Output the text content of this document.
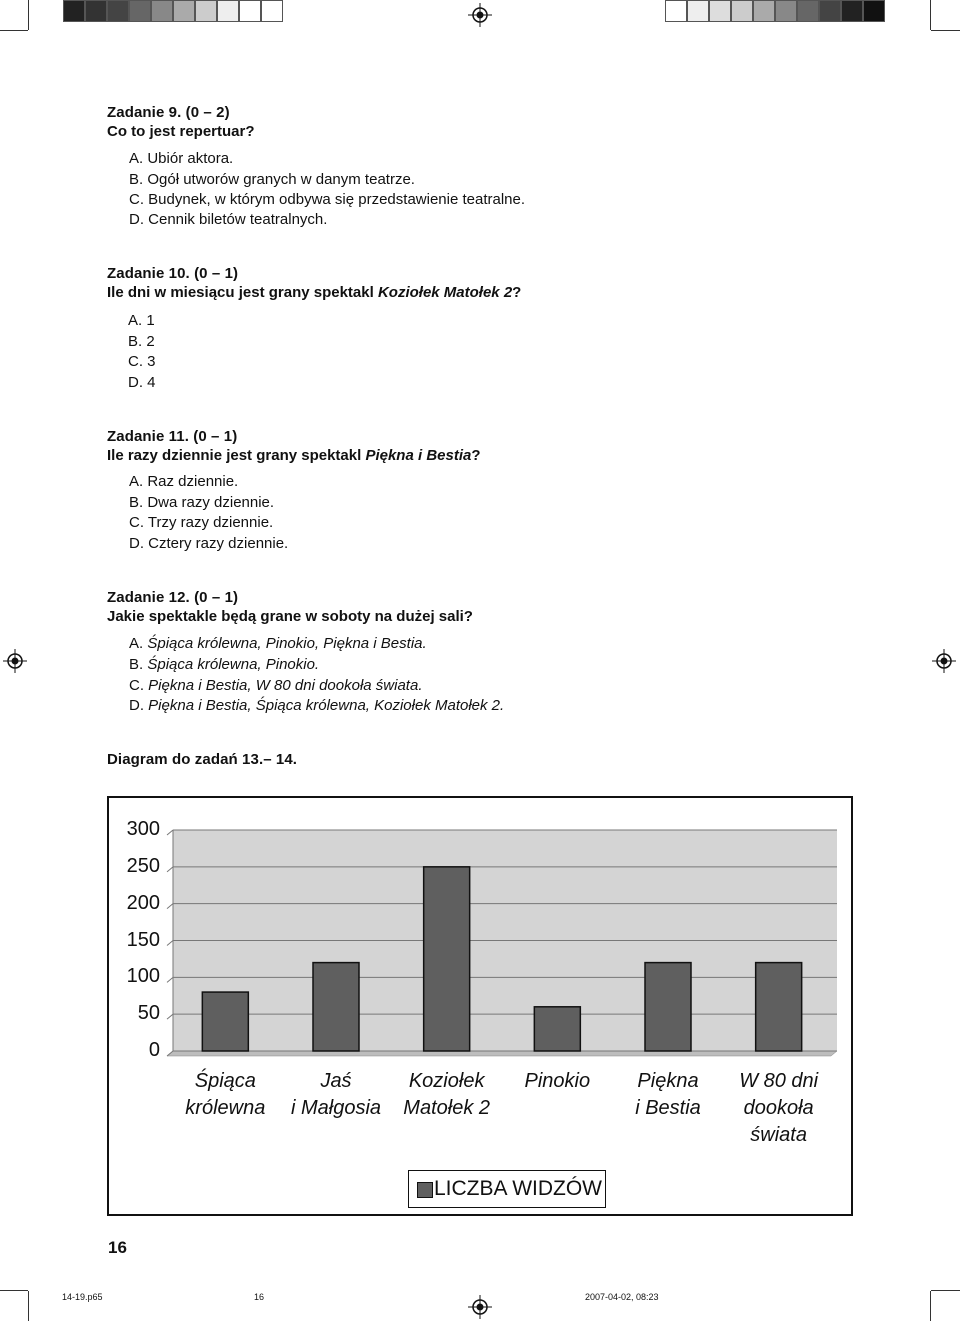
Zadanie 9. (0 – 2)
Co to jest repertuar?
A. Ubiór aktora.
B. Ogół utworów granych w danym teatrze.
C. Budynek, w którym odbywa się przedstawienie teatralne.
D. Cennik biletów teatralnych.
Zadanie 10. (0 – 1)
Ile dni w miesiącu jest grany spektakl Koziołek Matołek 2?
A. 1
B. 2
C. 3
D. 4
Zadanie 11. (0 – 1)
Ile razy dziennie jest grany spektakl Piękna i Bestia?
A. Raz dziennie.
B. Dwa razy dziennie.
C. Trzy razy dziennie.
D. Cztery razy dziennie.
Zadanie 12. (0 – 1)
Jakie spektakle będą grane w soboty na dużej sali?
A. Śpiąca królewna, Pinokio, Piękna i Bestia.
B. Śpiąca królewna, Pinokio.
C. Piękna i Bestia, W 80 dni dookoła świata.
D. Piękna i Bestia, Śpiąca królewna, Koziołek Matołek 2.
Diagram do zadań 13.– 14.
300
250
200
150
100
50
0
Śpiąca
królewna
Jaś
i Małgosia
Koziołek
Matołek 2
Pinokio	Piękna
i Bestia
W 80 dni
dookoła
świata
LICZBA WIDZÓW
16
14-19.p65	16	2007-04-02, 08:23
